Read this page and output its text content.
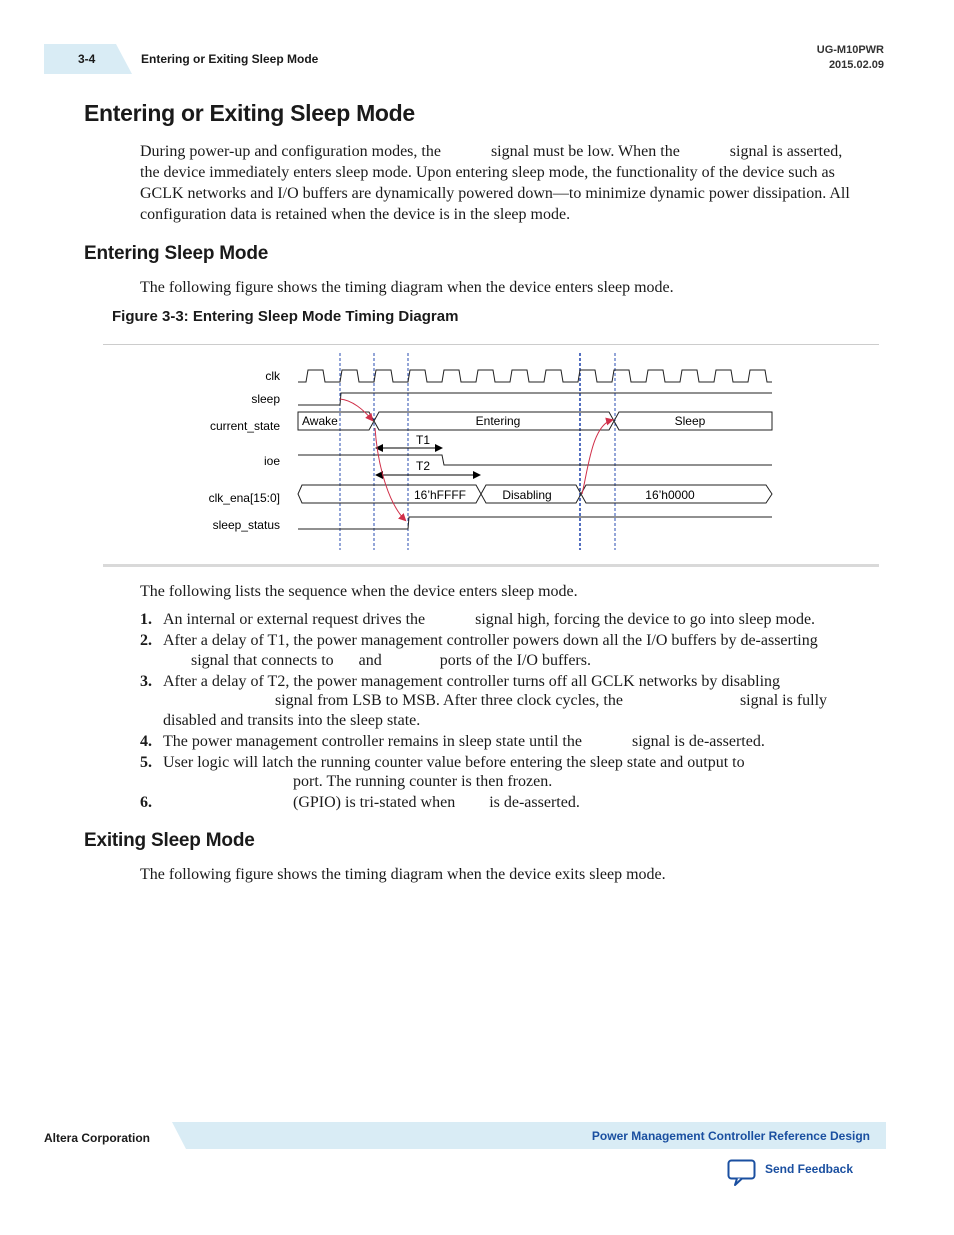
3-4	Entering or Exiting Sleep Mode
UG-M10PWR
2015.02.09
Entering or Exiting Sleep Mode
During power-up and configuration modes, the	signal must be low. When the	signal is asserted, the device immediately enters sleep mode. Upon entering sleep mode, the functionality of the device such as GCLK networks and I/O buffers are dynamically powered down—to minimize dynamic power dissipation. All configuration data is retained when the device is in the sleep mode.
Entering Sleep Mode

The following figure shows the timing diagram when the device enters sleep mode.

Figure 3-3: Entering Sleep Mode Timing Diagram
clk
sleep
current_state
ioe
clk_ena[15:0]
sleep_status
Awake	Entering	Sleep
T1
T2
16’hFFFF	Disabling	16’h0000

The following lists the sequence when the device enters sleep mode.

1. An internal or external request drives the	signal high, forcing the device to go into sleep mode.
2. After a delay of T1, the power management controller powers down all the I/O buffers by de-asserting
signal that connects to and	ports of the I/O buffers.
3. After a delay of T2, the power management controller turns off all GCLK networks by disabling
signal from LSB to MSB. After three clock cycles, the	signal is fully
disabled and transits into the sleep state.
4. The power management controller remains in sleep state until the	signal is de-asserted.
5. User logic will latch the running counter value before entering the sleep state and output to
port. The running counter is then frozen.
6.	(GPIO) is tri-stated when is de-asserted.
Exiting Sleep Mode

The following figure shows the timing diagram when the device exits sleep mode.

Altera Corporation	Power Management Controller Reference Design
Send Feedback
